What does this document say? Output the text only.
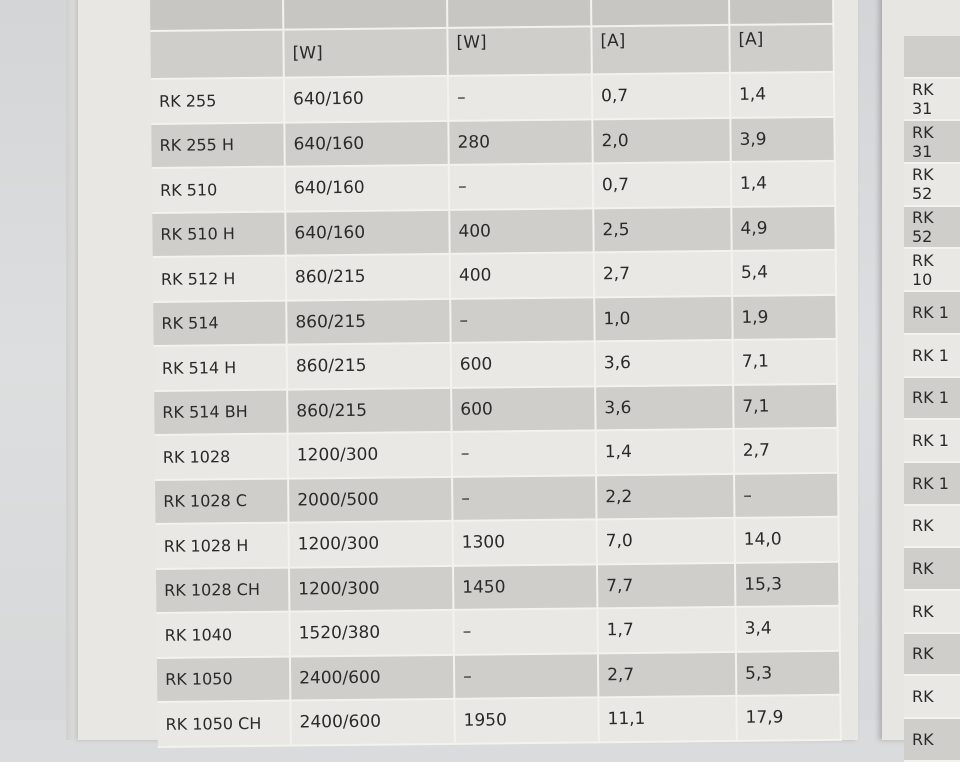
	[W]	[W]	[A]	[A]
RK 255	640/160	–	0,7	1,4
RK 255 H	640/160	280	2,0	3,9
RK 510	640/160	–	0,7	1,4
RK 510 H	640/160	400	2,5	4,9
RK 512 H	860/215	400	2,7	5,4
RK 514	860/215	–	1,0	1,9
RK 514 H	860/215	600	3,6	7,1
RK 514 BH	860/215	600	3,6	7,1
RK 1028	1200/300	–	1,4	2,7
RK 1028 C	2000/500	–	2,2	–
RK 1028 H	1200/300	1300	7,0	14,0
RK 1028 CH	1200/300	1450	7,7	15,3
RK 1040	1520/380	–	1,7	3,4
RK 1050	2400/600	–	2,7	5,3
RK 1050 CH	2400/600	1950	11,1	17,9

RK 31
RK 31
RK 52
RK 52
RK 10
RK 1
RK 1
RK 1
RK 1
RK 1
RK
RK
RK
RK
RK
RK
